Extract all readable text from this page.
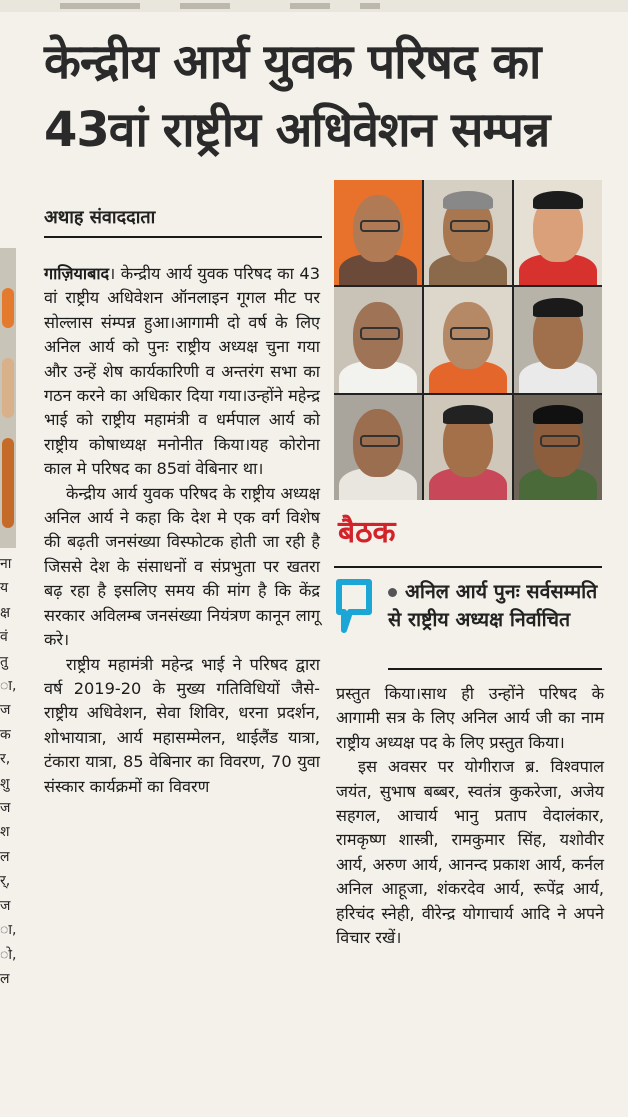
केन्द्रीय आर्य युवक परिषद का 43वां राष्ट्रीय अधिवेशन सम्पन्न
अथाह संवाददाता
ना
य
क्ष
वं
तु
ा,
ज
क
र,
शु
ज
श
ल
र्,
ज
ा,
ो,
ल

गाज़ियाबाद। केन्द्रीय आर्य युवक परिषद का 43 वां राष्ट्रीय अधिवेशन ऑनलाइन गूगल मीट पर सोल्लास संम्पन्न हुआ।आगामी दो वर्ष के लिए अनिल आर्य को पुनः राष्ट्रीय अध्यक्ष चुना गया और उन्हें शेष कार्यकारिणी व अन्तरंग सभा का गठन करने का अधिकार दिया गया।उन्होंने महेन्द्र भाई को राष्ट्रीय महामंत्री व धर्मपाल आर्य को राष्ट्रीय कोषाध्यक्ष मनोनीत किया।यह कोरोना काल मे परिषद का 85वां वेबिनार था।

केन्द्रीय आर्य युवक परिषद के राष्ट्रीय अध्यक्ष अनिल आर्य ने कहा कि देश मे एक वर्ग विशेष की बढ़ती जनसंख्या विस्फोटक होती जा रही है जिससे देश के संसाधनों व संप्रभुता पर खतरा बढ़ रहा है इसलिए समय की मांग है कि केंद्र सरकार अविलम्ब जनसंख्या नियंत्रण कानून लागू करे।

राष्ट्रीय महामंत्री महेन्द्र भाई ने परिषद द्वारा वर्ष 2019-20 के मुख्य गतिविधियों जैसे- राष्ट्रीय अधिवेशन, सेवा शिविर, धरना प्रदर्शन, शोभायात्रा, आर्य महासम्मेलन, थाईलैंड यात्रा, टंकारा यात्रा, 85 वेबिनार का विवरण, 70 युवा संस्कार कार्यक्रमों का विवरण

बैठक
अनिल आर्य पुनः सर्वसम्मति से राष्ट्रीय अध्यक्ष निर्वाचित

प्रस्तुत किया।साथ ही उन्होंने परिषद के आगामी सत्र के लिए अनिल आर्य जी का नाम राष्ट्रीय अध्यक्ष पद के लिए प्रस्तुत किया।

इस अवसर पर योगीराज ब्र. विश्वपाल जयंत, सुभाष बब्बर, स्वतंत्र कुकरेजा, अजेय सहगल, आचार्य भानु प्रताप वेदालंकार, रामकृष्ण शास्त्री, रामकुमार सिंह, यशोवीर आर्य, अरुण आर्य, आनन्द प्रकाश आर्य, कर्नल अनिल आहूजा, शंकरदेव आर्य, रूपेंद्र आर्य, हरिचंद स्नेही, वीरेन्द्र योगाचार्य आदि ने अपने विचार रखें।
